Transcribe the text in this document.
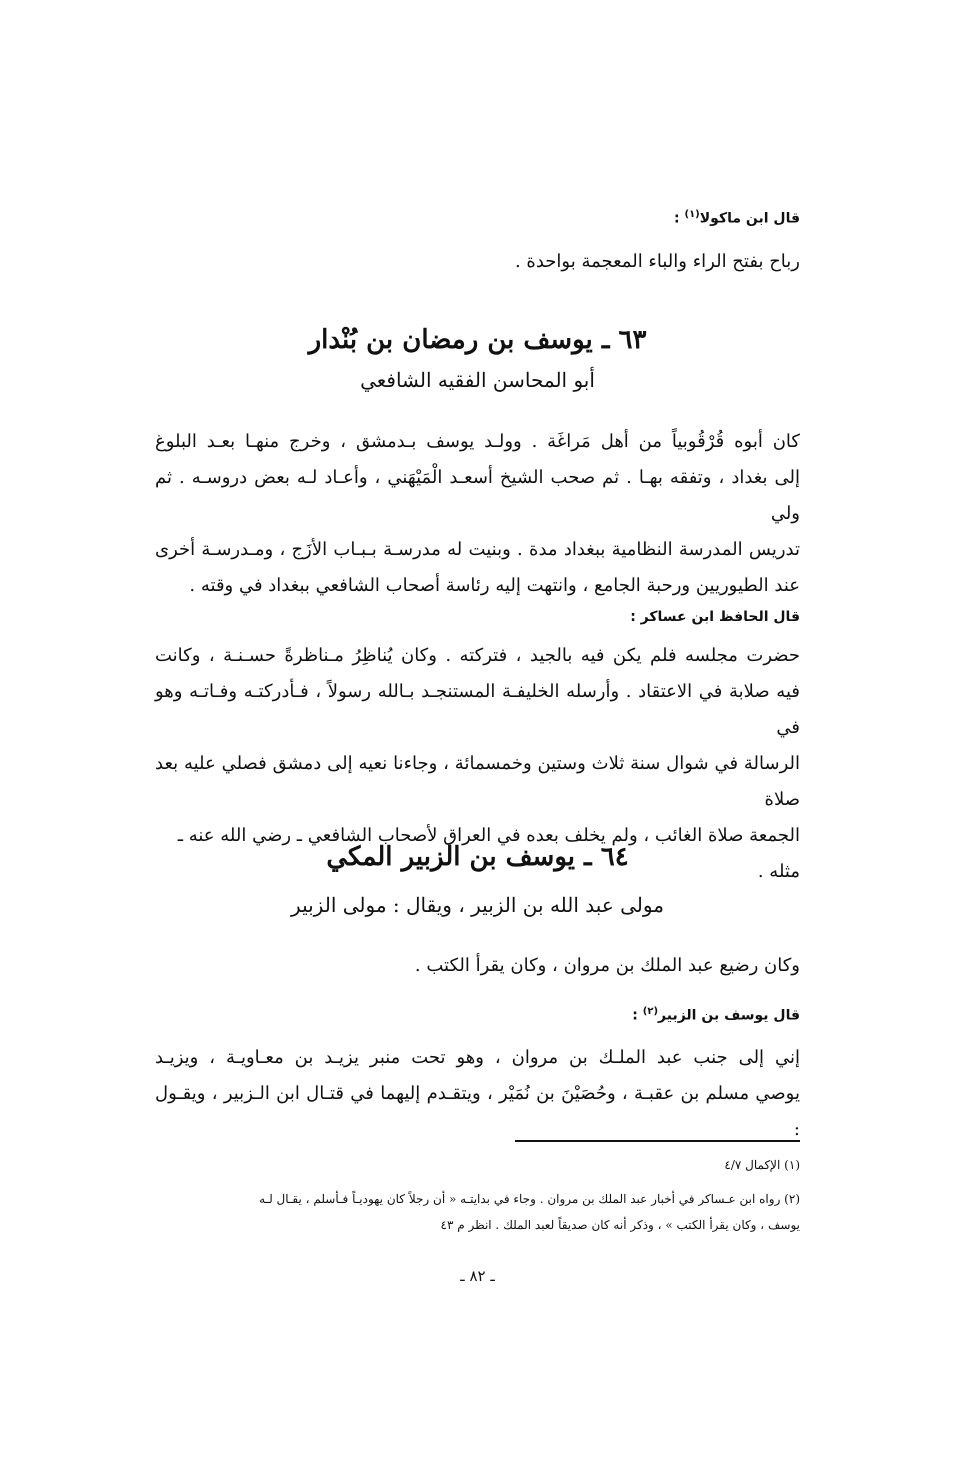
قال ابن ماكولا$^{(١)}$ :
رباح بفتح الراء والباء المعجمة بواحدة .
٦٣ ـ يوسف بن رمضان بن بُنْدار
أبو المحاسن الفقيه الشافعي
كان أبوه قُرْقُوبياً من أهل مَراغَة . وولـد يوسف بـدمشق ، وخرج منهـا بعـد البلوغ
إلى بغداد ، وتفقه بهـا . ثم صحب الشيخ أسعـد الْمَيْهَني ، وأعـاد لـه بعض دروسـه . ثم ولي
تدريس المدرسة النظامية ببغداد مدة . وبنيت له مدرسـة بـبـاب الأزَج ، ومـدرسـة أخرى
عند الطيوريين ورحبة الجامع ، وانتهت إليه رئاسة أصحاب الشافعي ببغداد في وقته .
قال الحافظ ابن عساكر :
حضرت مجلسه فلم يكن فيه بالجيد ، فتركته . وكان يُناظِرُ مـناظرةً حسـنـة ، وكانت
فيه صلابة في الاعتقاد . وأرسله الخليفـة المستنجـد بـالله رسولاً ، فـأدركتـه وفـاتـه وهو في
الرسالة في شوال سنة ثلاث وستين وخمسمائة ، وجاءنا نعيه إلى دمشق فصلي عليه بعد صلاة
الجمعة صلاة الغائب ، ولم يخلف بعده في العراق لأصحاب الشافعي ـ رضي الله عنه ـ مثله .
٦٤ ـ يوسف بن الزبير المكي
مولى عبد الله بن الزبير ، ويقال : مولى الزبير
وكان رضيع عبد الملك بن مروان ، وكان يقرأ الكتب .
قال يوسف بن الزبير$^{(٢)}$ :
إني إلى جنب عبد الملـك بن مروان ، وهو تحت منبر يزيـد بن معـاويـة ، ويزيـد
يوصي مسلم بن عقبـة ، وحُصَيْنَ بن نُمَيْر ، ويتقـدم إليهما في قتـال ابن الـزبير ، ويقـول :
(١) الإكمال ٤/٧
(٢) رواه ابن عـساكر في أخبار عبد الملك بن مروان . وجاء في بدايتـه « أن رجلاً كان يهوديـاً فـأسلم ، يقـال لـه
يوسف ، وكان يقرأ الكتب » ، وذكر أنه كان صديقاً لعبد الملك . انظر م ٤٣
ـ ٨٢ ـ
